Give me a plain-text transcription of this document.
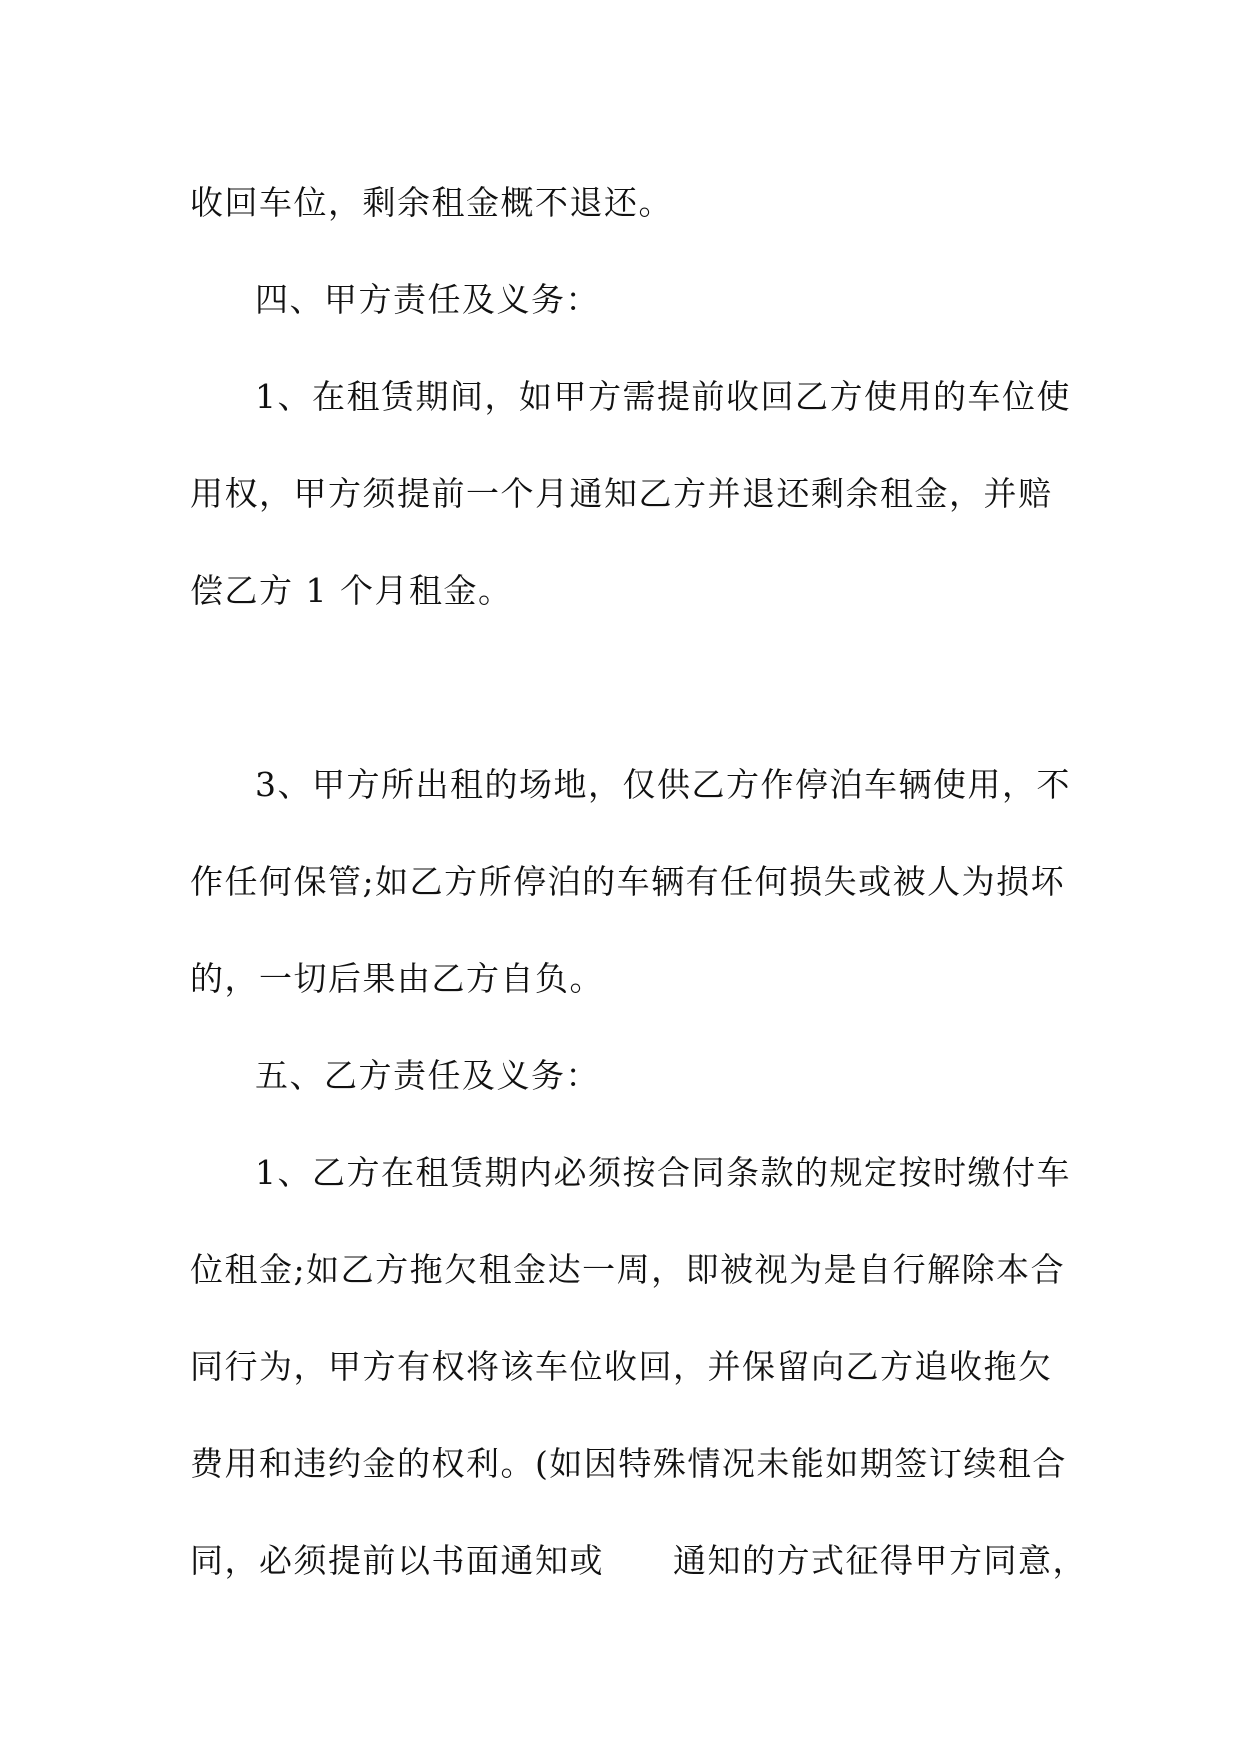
收回车位，剩余租金概不退还。
四、甲方责任及义务：
1、在租赁期间，如甲方需提前收回乙方使用的车位使
用权，甲方须提前一个月通知乙方并退还剩余租金，并赔
偿乙方 1 个月租金。
3、甲方所出租的场地，仅供乙方作停泊车辆使用，不
作任何保管;如乙方所停泊的车辆有任何损失或被人为损坏
的，一切后果由乙方自负。
五、乙方责任及义务：
1、乙方在租赁期内必须按合同条款的规定按时缴付车
位租金;如乙方拖欠租金达一周，即被视为是自行解除本合
同行为，甲方有权将该车位收回，并保留向乙方追收拖欠
费用和违约金的权利。(如因特殊情况未能如期签订续租合
同，必须提前以书面通知或　　通知的方式征得甲方同意，
